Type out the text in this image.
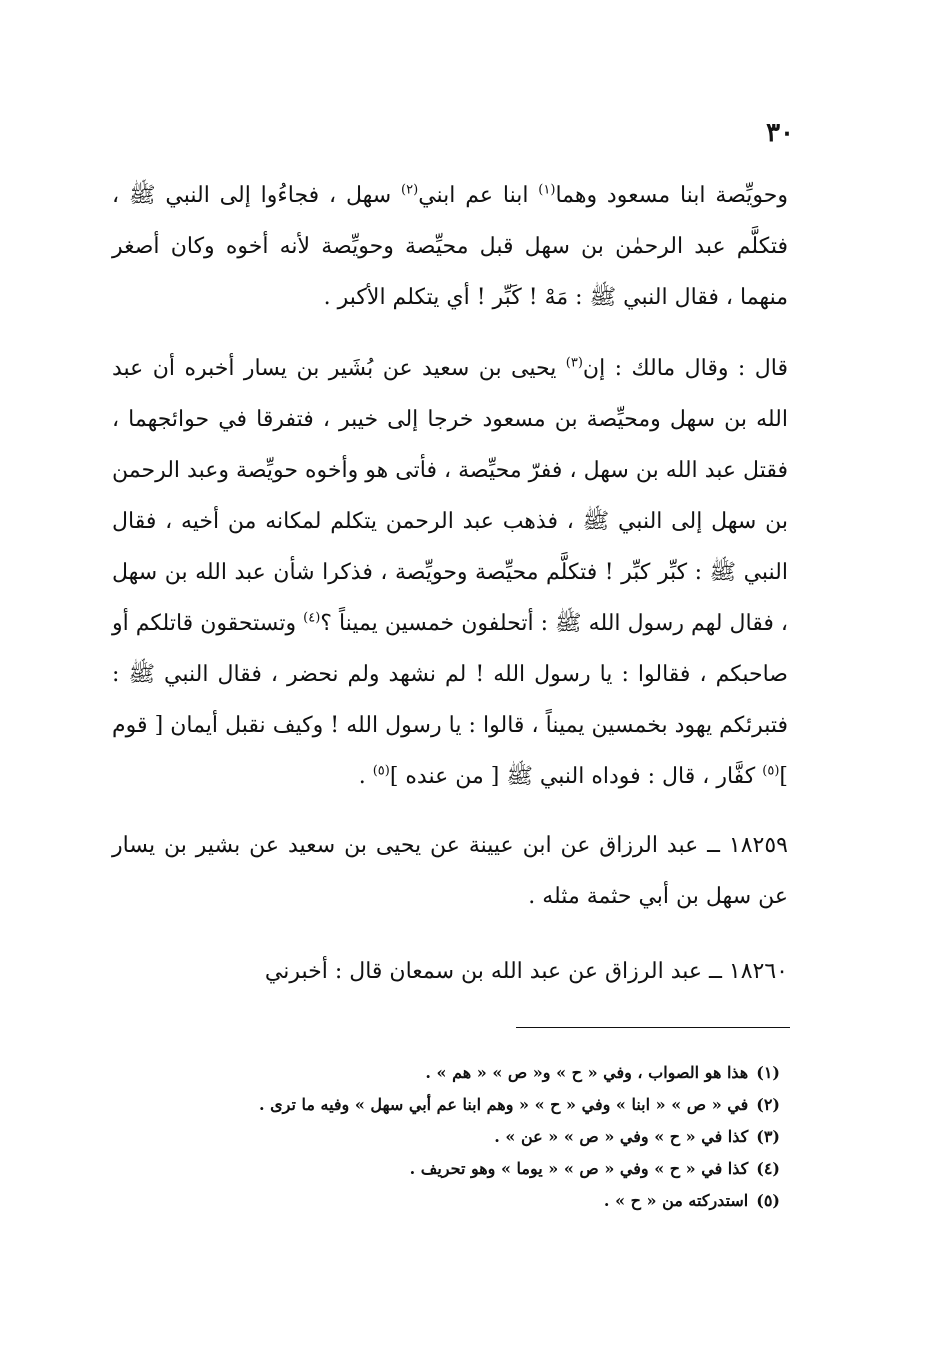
٣٠

وحويِّصة ابنا مسعود وهما$^{(١)}$ ابنا عم ابني$^{(٢)}$ سهل ، فجاءُوا إلى النبي ﷺ ، فتكلَّم عبد الرحمٰن بن سهل قبل محيِّصة وحويِّصة لأنه أخوه وكان أصغر منهما ، فقال النبي ﷺ : مَهْ ! كَبِّر ! أي يتكلم الأكبر .

قال : وقال مالك : إن$^{(٣)}$ يحيى بن سعيد عن بُشَير بن يسار أخبره أن عبد الله بن سهل ومحيِّصة بن مسعود خرجا إلى خيبر ، فتفرقا في حوائجهما ، فقتل عبد الله بن سهل ، ففرّ محيِّصة ، فأتى هو وأخوه حويِّصة وعبد الرحمن بن سهل إلى النبي ﷺ ، فذهب عبد الرحمن يتكلم لمكانه من أخيه ، فقال النبي ﷺ : كبِّر كبِّر ! فتكلَّم محيِّصة وحويِّصة ، فذكرا شأن عبد الله بن سهل ، فقال لهم رسول الله ﷺ : أتحلفون خمسين يميناً ؟$^{(٤)}$ وتستحقون قاتلكم أو صاحبكم ، فقالوا : يا رسول الله ! لم نشهد ولم نحضر ، فقال النبي ﷺ : فتبرئكم يهود بخمسين يميناً ، قالوا : يا رسول الله ! وكيف نقبل أيمان [ قوم ]$^{(٥)}$ كفَّار ، قال : فوداه النبي ﷺ [ من عنده ]$^{(٥)}$ .

١٨٢٥٩ ــ عبد الرزاق عن ابن عيينة عن يحيى بن سعيد عن بشير بن يسار عن سهل بن أبي حثمة مثله .

١٨٢٦٠ ــ عبد الرزاق عن عبد الله بن سمعان قال : أخبرني

(١)هذا هو الصواب ، وفي « ح » و« ص » « هم » .
(٢)في « ص » « ابنا » وفي « ح » « وهم ابنا عم أبي سهل » وفيه ما ترى .
(٣)كذا في « ح » وفي « ص » « عن » .
(٤)كذا في « ح » وفي « ص » « يوما » وهو تحريف .
(٥)استدركته من « ح » .
